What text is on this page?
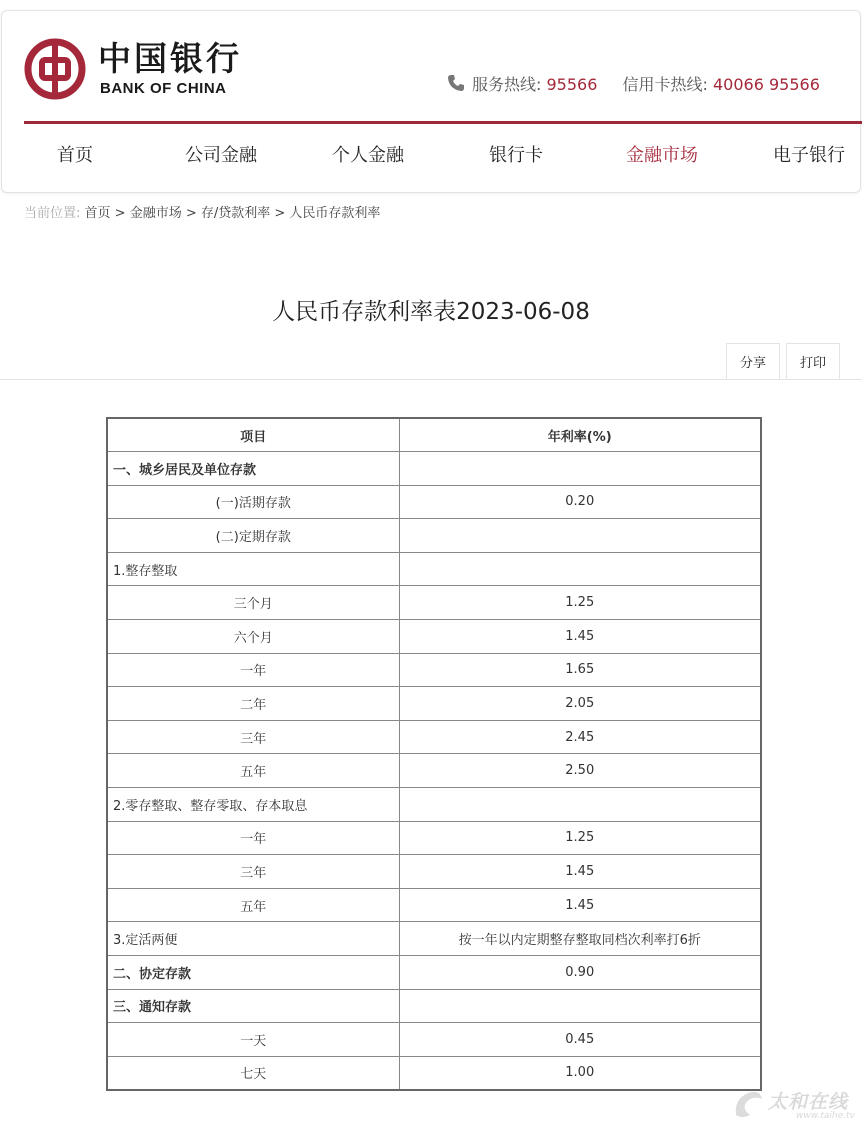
中国银行
BANK OF CHINA	服务热线: 95566 信用卡热线: 40066 95566
首页	公司金融	个人金融	银行卡	金融市场	电子银行
当前位置: 首页 > 金融市场 > 存/贷款利率 > 人民币存款利率
人民币存款利率表2023-06-08
分享	打印
项目	年利率(%)
一、城乡居民及单位存款	
(一)活期存款	0.20
(二)定期存款	
1.整存整取	
三个月	1.25
六个月	1.45
一年	1.65
二年	2.05
三年	2.45
五年	2.50
2.零存整取、整存零取、存本取息	
一年	1.25
三年	1.45
五年	1.45
3.定活两便	按一年以内定期整存整取同档次利率打6折
二、协定存款	0.90
三、通知存款	
一天	0.45
七天	1.00
太和在线
www.taihe.tv
